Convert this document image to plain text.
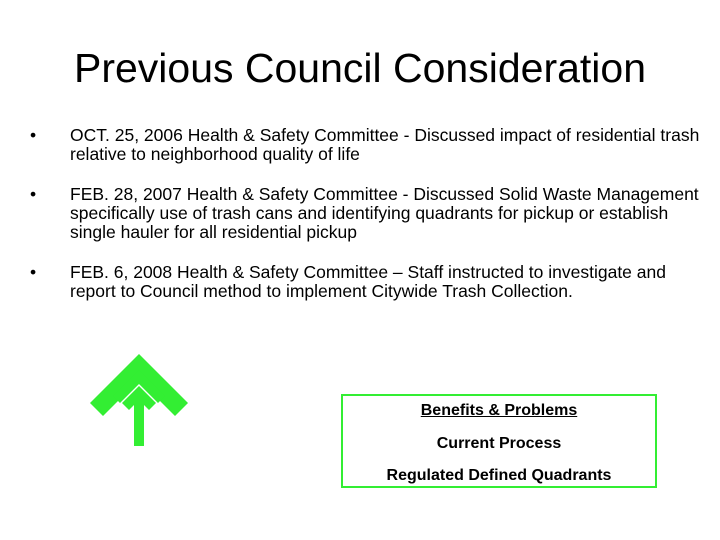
Previous Council Consideration
•	OCT. 25, 2006 Health & Safety Committee - Discussed impact of residential trash relative to neighborhood quality of life
•	FEB. 28, 2007 Health & Safety Committee - Discussed Solid Waste Management specifically use of trash cans and identifying quadrants for pickup or establish single hauler for all residential pickup
•	FEB. 6, 2008 Health & Safety Committee – Staff instructed to investigate and report to Council method to implement Citywide Trash Collection.
Benefits & Problems
Current Process
Regulated Defined Quadrants
